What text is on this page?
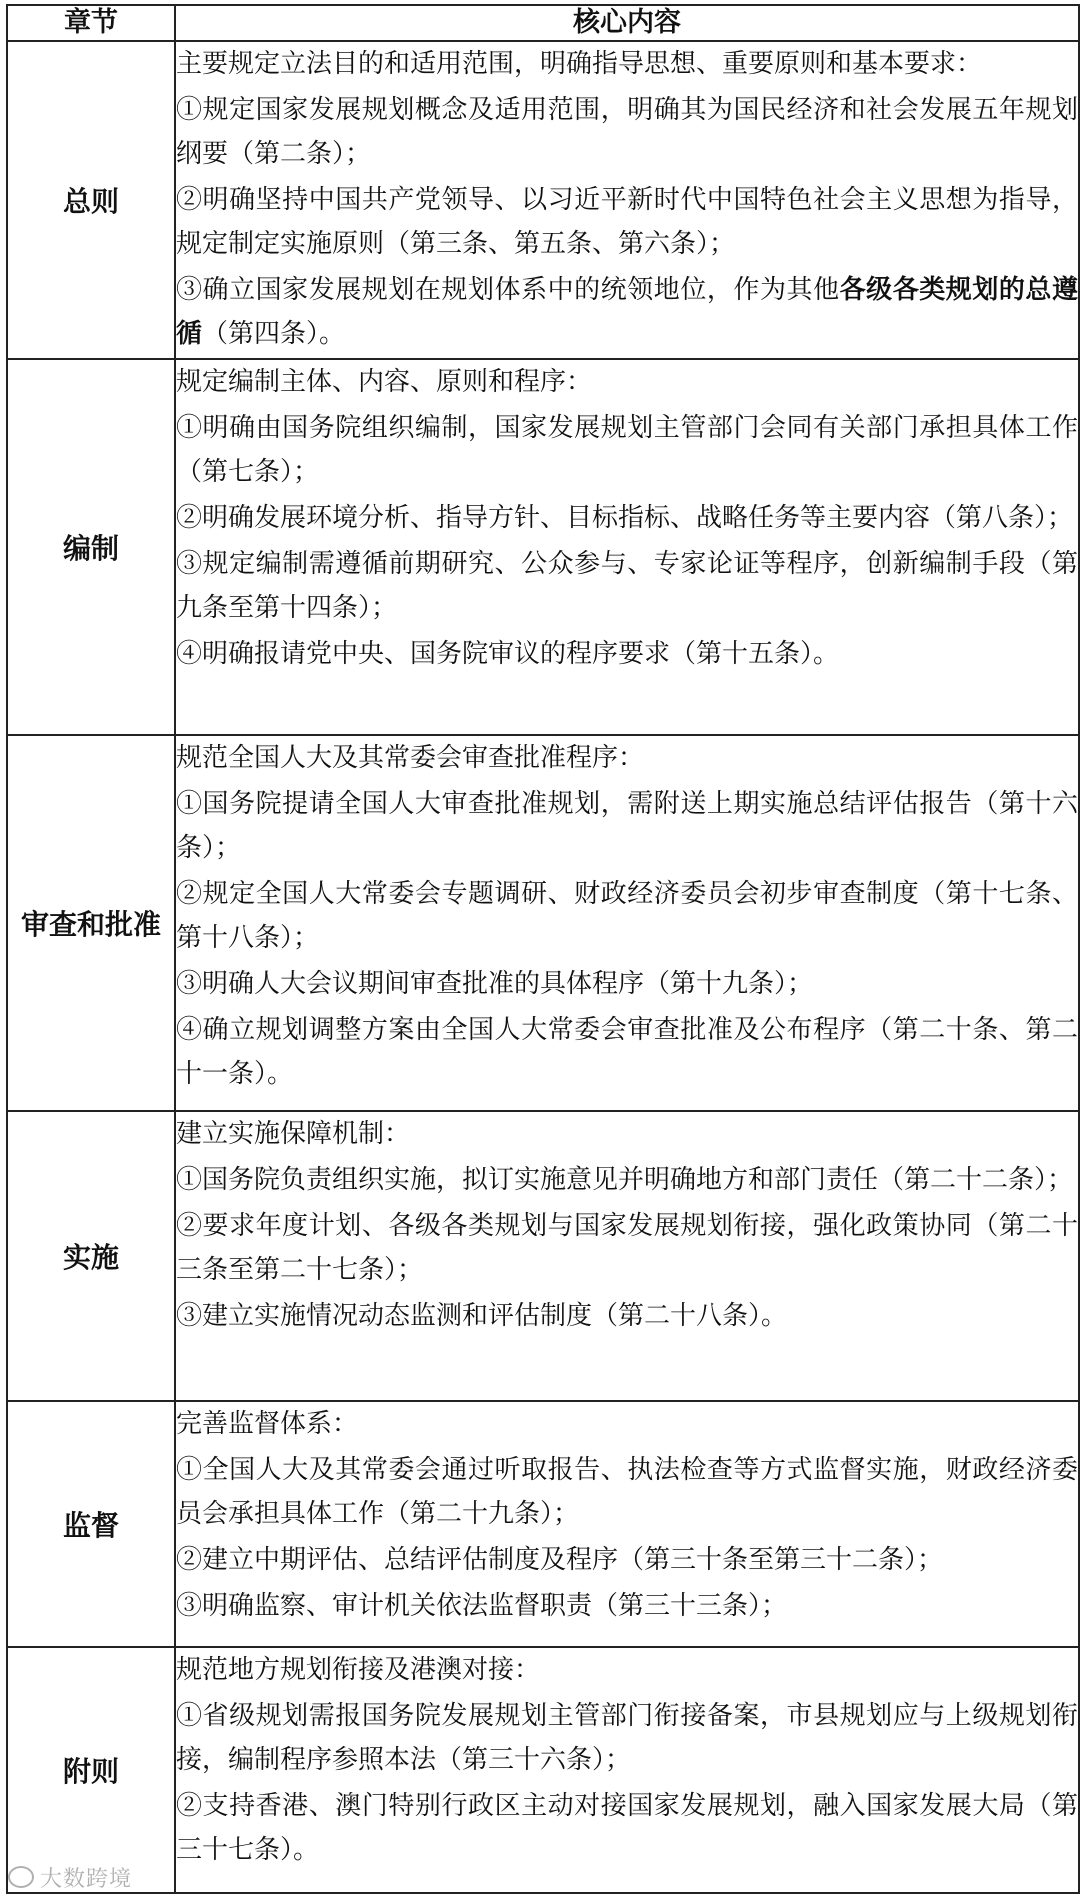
章节	核心内容
总则	主要规定立法目的和适用范围，明确指导思想、重要原则和基本要求：

①规定国家发展规划概念及适用范围，明确其为国民经济和社会发展五年规划纲要（第二条）；

②明确坚持中国共产党领导、以习近平新时代中国特色社会主义思想为指导，规定制定实施原则（第三条、第五条、第六条）；

③确立国家发展规划在规划体系中的统领地位，作为其他各级各类规划的总遵循（第四条）。

编制	规定编制主体、内容、原则和程序：

①明确由国务院组织编制，国家发展规划主管部门会同有关部门承担具体工作（第七条）；

②明确发展环境分析、指导方针、目标指标、战略任务等主要内容（第八条）；

③规定编制需遵循前期研究、公众参与、专家论证等程序，创新编制手段（第九条至第十四条）；

④明确报请党中央、国务院审议的程序要求（第十五条）。

审查和批准	规范全国人大及其常委会审查批准程序：

①国务院提请全国人大审查批准规划，需附送上期实施总结评估报告（第十六条）；

②规定全国人大常委会专题调研、财政经济委员会初步审查制度（第十七条、第十八条）；

③明确人大会议期间审查批准的具体程序（第十九条）；

④确立规划调整方案由全国人大常委会审查批准及公布程序（第二十条、第二十一条）。

实施	建立实施保障机制：

①国务院负责组织实施，拟订实施意见并明确地方和部门责任（第二十二条）；

②要求年度计划、各级各类规划与国家发展规划衔接，强化政策协同（第二十三条至第二十七条）；

③建立实施情况动态监测和评估制度（第二十八条）。

监督	完善监督体系：

①全国人大及其常委会通过听取报告、执法检查等方式监督实施，财政经济委员会承担具体工作（第二十九条）；

②建立中期评估、总结评估制度及程序（第三十条至第三十二条）；

③明确监察、审计机关依法监督职责（第三十三条）；

附则	规范地方规划衔接及港澳对接：

①省级规划需报国务院发展规划主管部门衔接备案，市县规划应与上级规划衔接，编制程序参照本法（第三十六条）；

②支持香港、澳门特别行政区主动对接国家发展规划，融入国家发展大局（第三十七条）。

大数跨境
